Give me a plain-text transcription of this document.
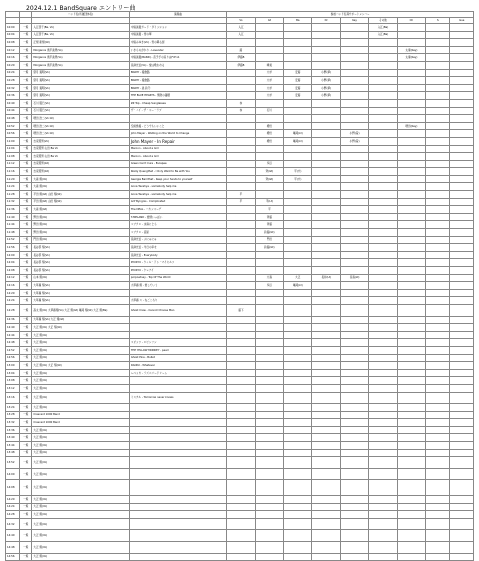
2024.12.1 BandSquare エントリー曲
		バンド名(所属団体名)	演奏曲	参加バンド名簿サポートメンバー								
				Vo	Gt	Ba	Dr	Key	その他	Ch	S	Gue
10:00	一般	入江啓子(Ba, Vo)	中島美嘉ガード・ダミッション	入江					入江(Ba)			
10:04	一般	入江啓子(Ba, Vo)	中島美嘉 - 雪の華	入江					入江(Ba)			
10:08	一般	正規 新規(Gt)	中島みゆき(Vo) - 雪の降る街									
10:12	一般	Morgance 奥平美男(Vo)	いきものがかり - Lavender	藤						太秦(Key)		
10:16	一般	Morgance 奥平美男(Vo)	中島美嘉(BAND) - 昔予予の巡りはFdf x1	伊藤B						太秦(Key)		
10:20	一般	Morgance 奥平美男(Vo)	長渕光治(Vo) - 愛は歌われる	伊藤B	晴美							
10:24	一般	望月 義明(Vo)	BIGMY - 後旅路		大杉	安藤	小野(夢)					
10:28	一般	望月 義明(Vo)	BIGMY - 後旅路		大杉	安藤	小野(夢)					
10:32	一般	望月 義明(Vo)	BIGMY - 美 鈴乃		大杉	安藤	小野(夢)					
10:36	一般	望月 義明(Vo)	THE BLUE HEARTS - 情熱の薔薇		大杉	安藤	小野(夢)					
10:40	一般	石川 風巳(Vo)	ZZ Top - Cheap Sunglasses	赤								
10:44	一般	石川 風巳(Vo)	ザ・ノイ - ザ・スー・ラブ	赤	石川							
10:48	一般	増田 浩二(Vo Gt)										
10:52	一般	増田 浩二(Vo Gt)	空前絶後 - どうでもいいこと		増田					増田(Key)		
10:56	一般	増田 浩二(Vo Gt)	John Mayer - Waiting on the World to Change		増田	亀岡(Lt)		小野(着)				
11:00	一般	吉家照男(Vo)	John Mayer - In Repair		増田	亀岡(Lt)		小野(着)				
11:04	一般	吉家照男 山田 Ba Vo	Maroon - About a Girl									
11:08	一般	吉家照男 山田 Ba Vo	Maroon - About a Girl									
11:12	一般	吉家照男(Gt)	Green Can't Cure - Escapee		多辺							
11:16	一般	吉家照男(Gt)	Rozzy Quengthat - I Only Want to Be with You		斉(Gt)	平(ガ)						
11:20	一般	大森 翔(Vo)	Georgia Barrithat - Keep your hands to yourself		斉(Gt)	平(ガ)						
11:24	一般	大森 翔(Vo)	Anna Tavehye - somebody help me									
11:28	一般	平田 翔(Gt) 山田 翔(Gt)	Anna Tavehye - somebody help me	平								
11:32	一般	平田 翔(Gt) 山田 翔(Gt)	Arif Byngnis - Complicated	平	平(Lt)							
11:36	一般	大森 翔(Gt)	The DEAL - バカンスーデ		平							
11:40	一般	野田 翔(Vo)	T-MELAND - 愛情いっぱい		斉藤							
11:44	一般	野田 翔(Vo)	コブクロ - 永遠にとも		斉藤							
11:48	一般	野田 翔(Vo)	コブクロ - 流星		鈴藤(Gt)							
11:52	一般	門田 翔(Vo)	長渕光治 - ぷにゅにゅ		門田							
11:56	一般	長谷部 翔(Vo)	長渕光治 - 今日の幸せ		鈴藤(Gt)							
12:00	一般	長谷部 翔(Vo)	長渕光治 - Everybody									
12:04	一般	長谷部 翔(Vo)	RYUKYU - ウィル・ドゥ・マイセルフ									
12:08	一般	長谷部 翔(Vo)	RYUKYU - クレナイ									
12:12	一般	山本 翔(Vo)	porpoetney - Top Of The World		大森	大正	長井(Lt)	長森(Lt)				
12:16	一般	大草鹿 翔(Vo)	大草鹿 翔 - 愛していう		多辺	亀岡(Lt)						
12:20	一般	大草鹿 翔(Vo)										
12:24	一般	大草鹿 翔(Vo)	大草鹿 ス - なごころり									
12:28	一般	高太 翔(Vo) 大草鹿翔(Vo) 大正 翔(Gt) 亀岡 翔(Gt) 大正 翔(Ba)	Ghost Crew - Cannot Choose Man	藤下								
12:36	一般	大草鹿 翔(Vo) 大正 翔(Gt)										
12:40	一般	大正 翔(Vo) 大正 翔(Gt)										
12:44	一般	大正 翔(Vo)										
12:48	一般	大正 翔(Vo)	スピッツ - ロビンソン									
12:52	一般	大正 翔(Vo)	THE YELLOW MONKEY - pearl									
12:56	一般	大正 翔(Vo)	Ghost Pine - Bullet									
13:00	一般	大正 翔(Vo) 大正 翔(Gt)	DAOIKI - Whatever									
13:04	一般	大正 翔(Vo)	レベッカ - ラズベリードリーム									
13:08	一般	大正 翔(Vo)										
13:12	一般	大正 翔(Vo)										
13:16	一般	大正 翔(Vo)	ミスチル - Tomorrow never knows									
13:24	一般	大正 翔(Vo)										
13:28	一般	Crescent 1000 Band										
13:32	一般	Crescent 1000 Band										
13:36	一般	大正 翔(Vo)										
13:40	一般	大正 翔(Vo)										
13:44	一般	大正 翔(Vo)										
13:48	一般	大正 翔(Vo)										
13:52	一般	大正 翔(Vo)										
14:00	一般	大正 翔(Vo)										
14:08	一般	大正 翔(Vo)										
14:20	一般	大正 翔(Vo)										
14:24	一般	大正 翔(Vo)										
14:28	一般	大正 翔(Vo)										
14:32	一般	大正 翔(Vo)										
14:40	一般	大正 翔(Vo)										
14:48	一般	大正 翔(Vo)										
14:56	一般	大正 翔(Vo)										
